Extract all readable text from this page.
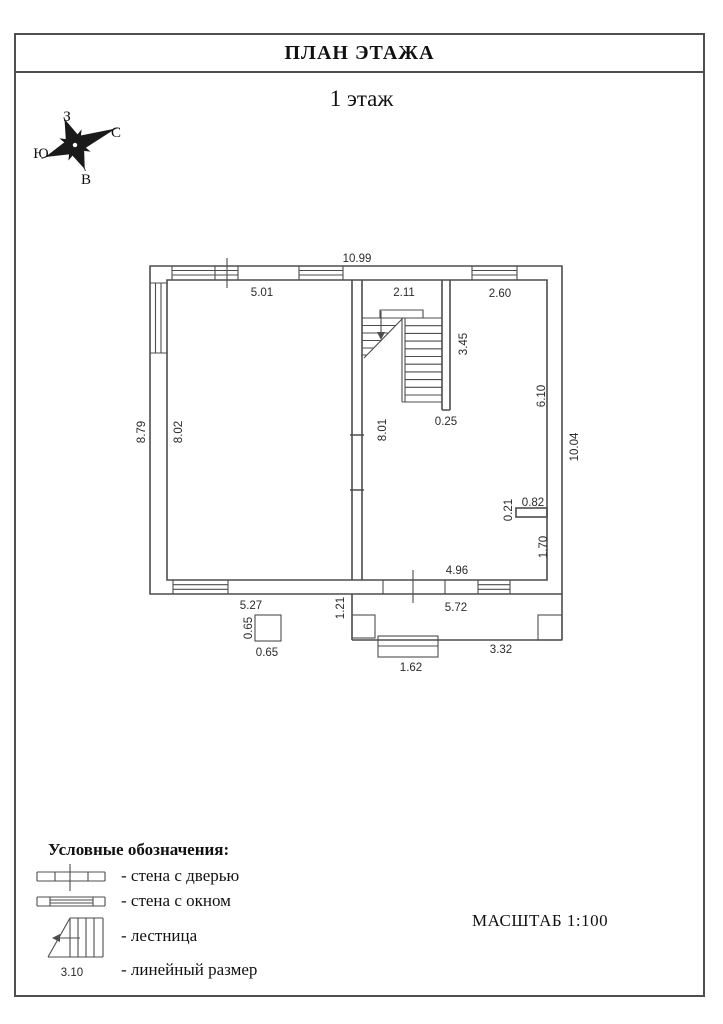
ПЛАН ЭТАЖА
1 этаж
З
С
Ю
В
10.99
5.01	2.11	2.60
3.45
0.25
6.10
8.79 8.02	8.01
10.04
0.82
0.21
1.70
4.96
5.27	5.72
1.21
3.32
1.62
0.65
0.65
3.10
Условные обозначения:
- стена с дверью
- стена с окном
- лестница
- линейный размер
МАСШТАБ 1:100
